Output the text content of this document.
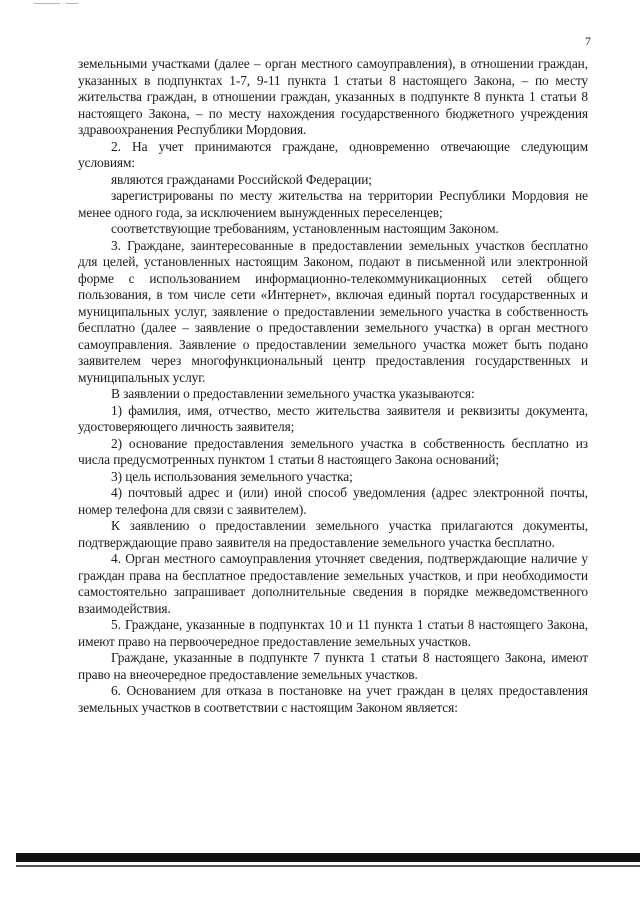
7

земельными участками (далее – орган местного самоуправления), в отношении граждан, указанных в подпунктах 1-7, 9-11 пункта 1 статьи 8 настоящего Закона, – по месту жительства граждан, в отношении граждан, указанных в подпункте 8 пункта 1 статьи 8 настоящего Закона, – по месту нахождения государственного бюджетного учреждения здравоохранения Республики Мордовия.

2. На учет принимаются граждане, одновременно отвечающие следующим условиям:

являются гражданами Российской Федерации;

зарегистрированы по месту жительства на территории Республики Мордовия не менее одного года, за исключением вынужденных переселенцев;

соответствующие требованиям, установленным настоящим Законом.

3. Граждане, заинтересованные в предоставлении земельных участков бесплатно для целей, установленных настоящим Законом, подают в письменной или электронной форме с использованием информационно-телекоммуникационных сетей общего пользования, в том числе сети «Интернет», включая единый портал государственных и муниципальных услуг, заявление о предоставлении земельного участка в собственность бесплатно (далее – заявление о предоставлении земельного участка) в орган местного самоуправления. Заявление о предоставлении земельного участка может быть подано заявителем через многофункциональный центр предоставления государственных и муниципальных услуг.

В заявлении о предоставлении земельного участка указываются:

1) фамилия, имя, отчество, место жительства заявителя и реквизиты документа, удостоверяющего личность заявителя;

2) основание предоставления земельного участка в собственность бесплатно из числа предусмотренных пунктом 1 статьи 8 настоящего Закона оснований;

3) цель использования земельного участка;

4) почтовый адрес и (или) иной способ уведомления (адрес электронной почты, номер телефона для связи с заявителем).

К заявлению о предоставлении земельного участка прилагаются документы, подтверждающие право заявителя на предоставление земельного участка бесплатно.

4. Орган местного самоуправления уточняет сведения, подтверждающие наличие у граждан права на бесплатное предоставление земельных участков, и при необходимости самостоятельно запрашивает дополнительные сведения в порядке межведомственного взаимодействия.

5. Граждане, указанные в подпунктах 10 и 11 пункта 1 статьи 8 настоящего Закона, имеют право на первоочередное предоставление земельных участков.

Граждане, указанные в подпункте 7 пункта 1 статьи 8 настоящего Закона, имеют право на внеочередное предоставление земельных участков.

6. Основанием для отказа в постановке на учет граждан в целях предоставления земельных участков в соответствии с настоящим Законом является:
